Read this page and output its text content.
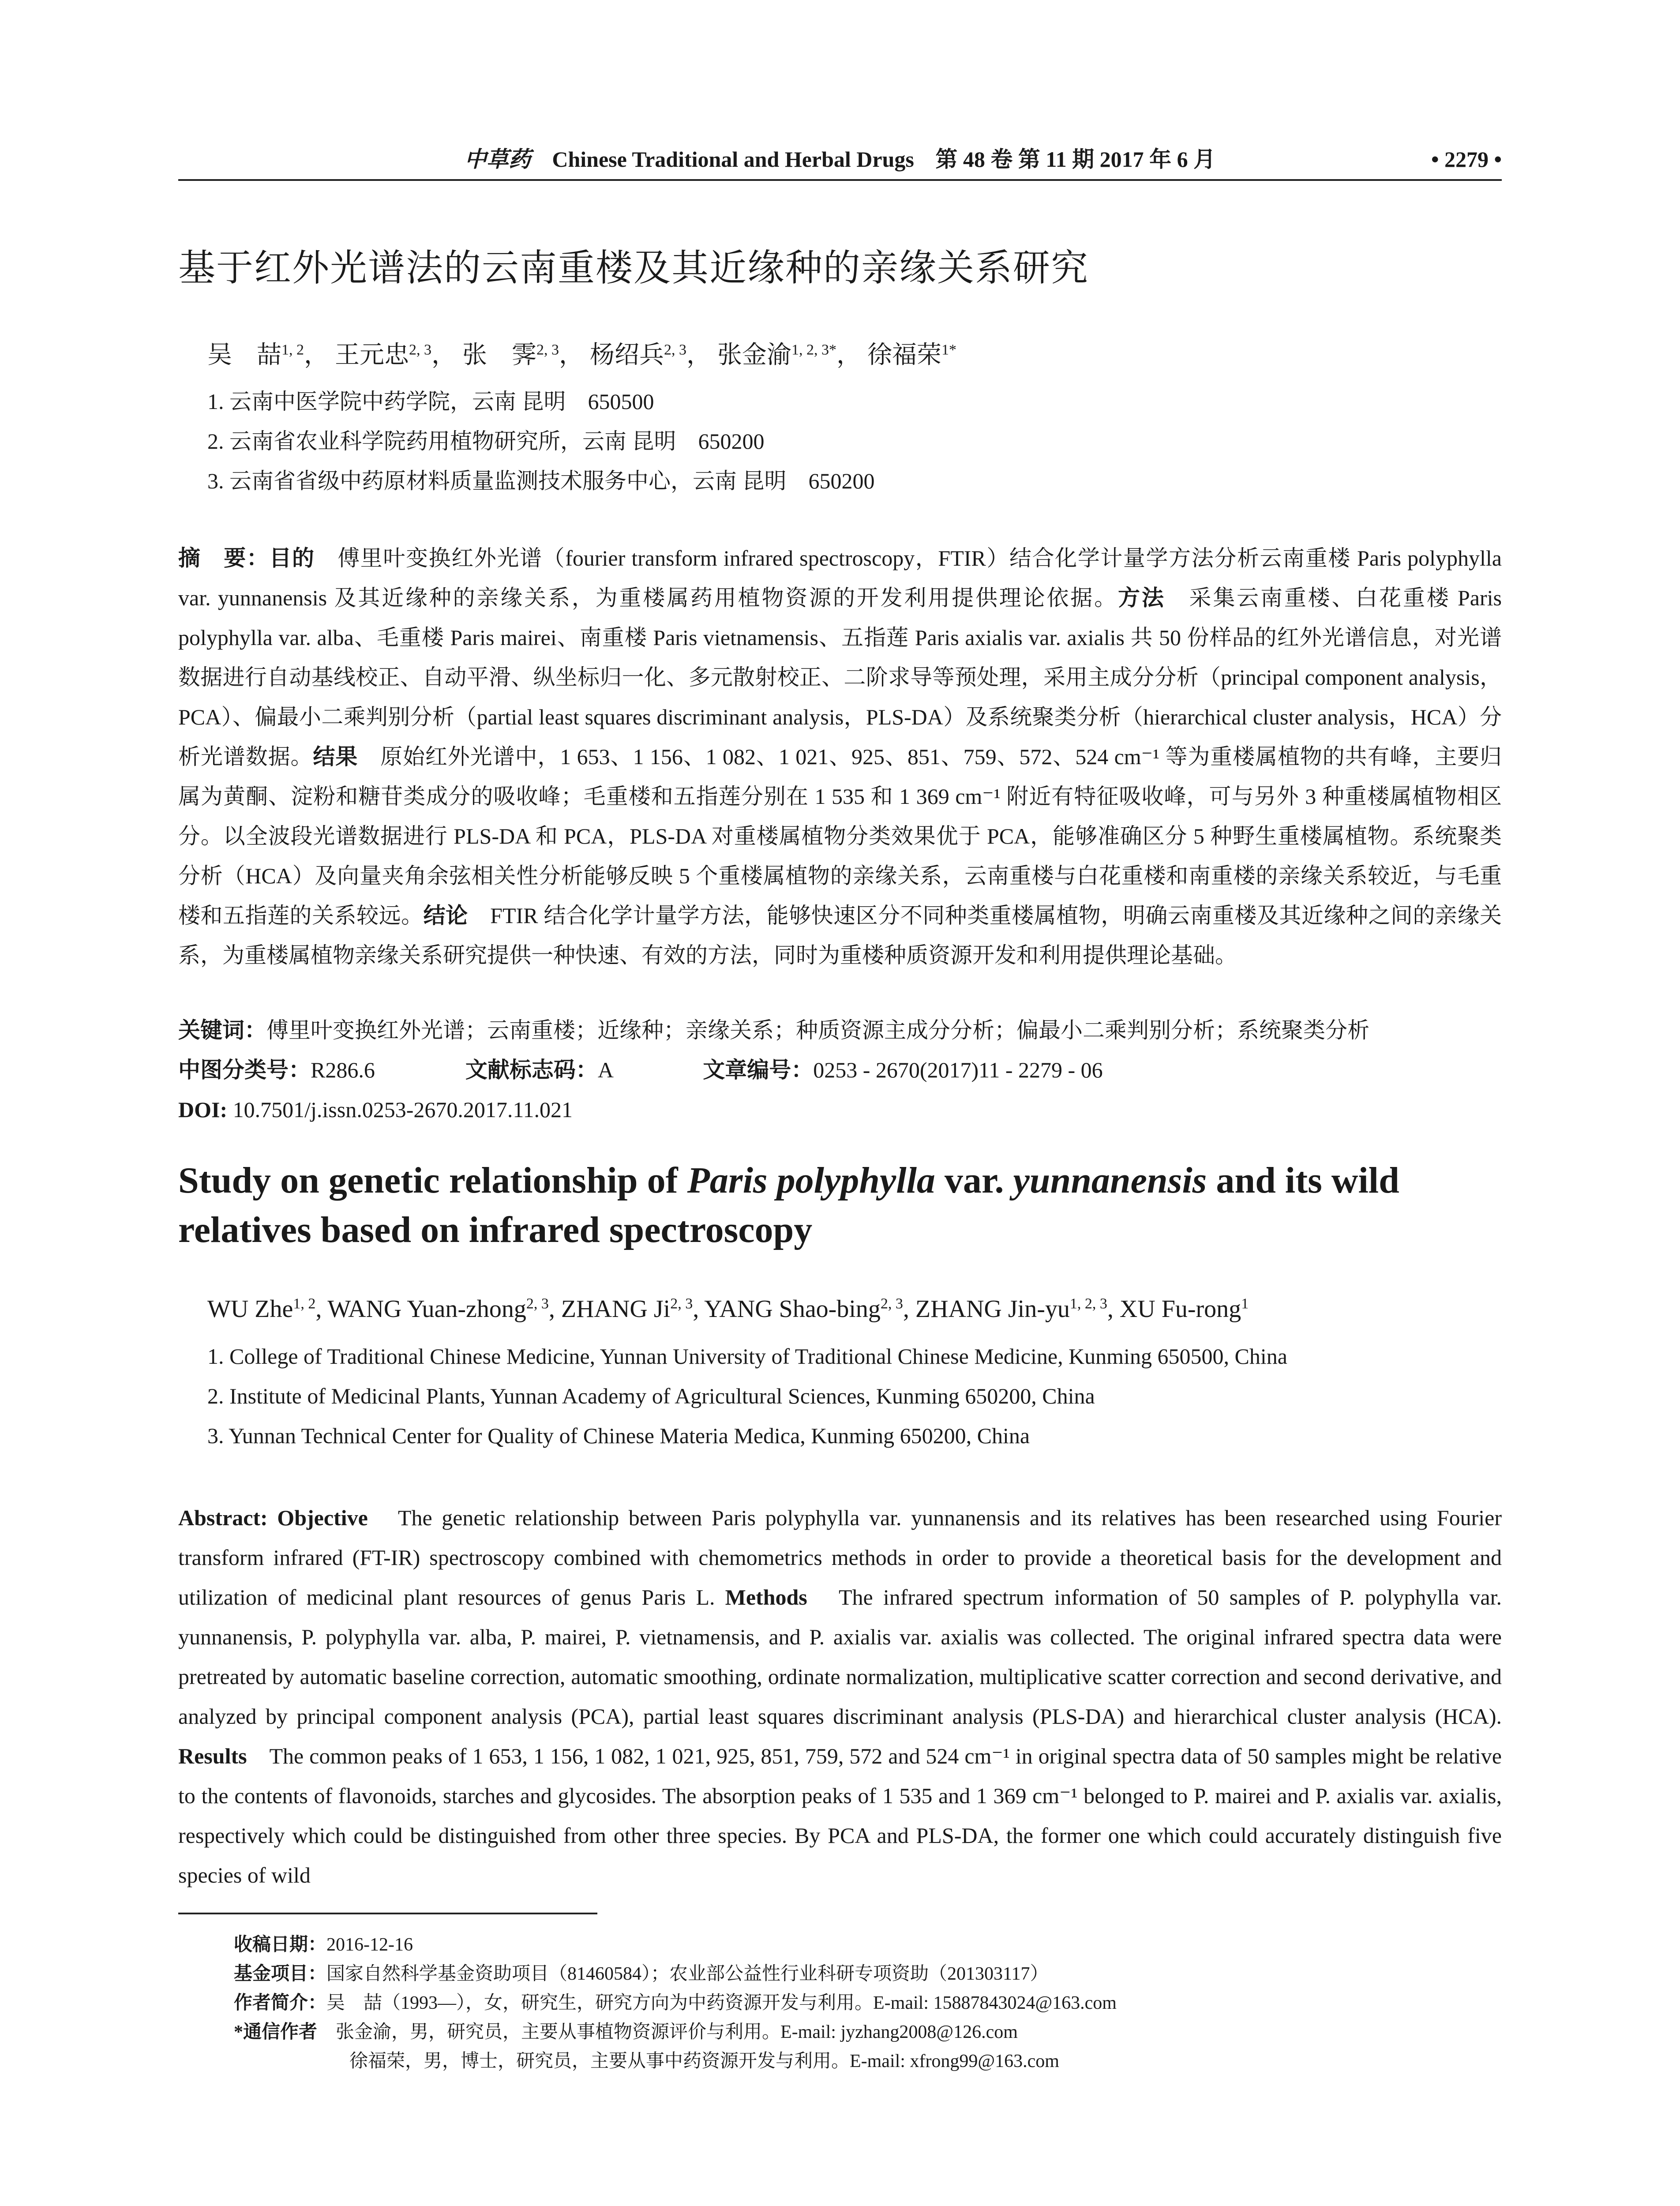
中草药 Chinese Traditional and Herbal Drugs 第 48 卷 第 11 期 2017 年 6 月	• 2279 •
基于红外光谱法的云南重楼及其近缘种的亲缘关系研究
吴　喆$^{1, 2}$， 王元忠$^{2, 3}$， 张　霁$^{2, 3}$， 杨绍兵$^{2, 3}$， 张金渝$^{1, 2, 3*}$， 徐福荣$^{1*}$
1. 云南中医学院中药学院，云南 昆明　650500
2. 云南省农业科学院药用植物研究所，云南 昆明　650200
3. 云南省省级中药原材料质量监测技术服务中心，云南 昆明　650200
摘　要：目的　傅里叶变换红外光谱（fourier transform infrared spectroscopy，FTIR）结合化学计量学方法分析云南重楼 Paris polyphylla var. yunnanensis 及其近缘种的亲缘关系，为重楼属药用植物资源的开发利用提供理论依据。方法　采集云南重楼、白花重楼 Paris polyphylla var. alba、毛重楼 Paris mairei、南重楼 Paris vietnamensis、五指莲 Paris axialis var. axialis 共 50 份样品的红外光谱信息，对光谱数据进行自动基线校正、自动平滑、纵坐标归一化、多元散射校正、二阶求导等预处理，采用主成分分析（principal component analysis，PCA）、偏最小二乘判别分析（partial least squares discriminant analysis，PLS-DA）及系统聚类分析（hierarchical cluster analysis，HCA）分析光谱数据。结果　原始红外光谱中，1 653、1 156、1 082、1 021、925、851、759、572、524 cm⁻¹ 等为重楼属植物的共有峰，主要归属为黄酮、淀粉和糖苷类成分的吸收峰；毛重楼和五指莲分别在 1 535 和 1 369 cm⁻¹ 附近有特征吸收峰，可与另外 3 种重楼属植物相区分。以全波段光谱数据进行 PLS-DA 和 PCA，PLS-DA 对重楼属植物分类效果优于 PCA，能够准确区分 5 种野生重楼属植物。系统聚类分析（HCA）及向量夹角余弦相关性分析能够反映 5 个重楼属植物的亲缘关系，云南重楼与白花重楼和南重楼的亲缘关系较近，与毛重楼和五指莲的关系较远。结论　FTIR 结合化学计量学方法，能够快速区分不同种类重楼属植物，明确云南重楼及其近缘种之间的亲缘关系，为重楼属植物亲缘关系研究提供一种快速、有效的方法，同时为重楼种质资源开发和利用提供理论基础。
关键词：傅里叶变换红外光谱；云南重楼；近缘种；亲缘关系；种质资源主成分分析；偏最小二乘判别分析；系统聚类分析
中图分类号：R286.6	文献标志码：A	文章编号：0253 - 2670(2017)11 - 2279 - 06
DOI: 10.7501/j.issn.0253-2670.2017.11.021
Study on genetic relationship of Paris polyphylla var. yunnanensis and its wild relatives based on infrared spectroscopy
WU Zhe$^{1, 2}$, WANG Yuan-zhong$^{2, 3}$, ZHANG Ji$^{2, 3}$, YANG Shao-bing$^{2, 3}$, ZHANG Jin-yu$^{1, 2, 3}$, XU Fu-rong$^1$
1. College of Traditional Chinese Medicine, Yunnan University of Traditional Chinese Medicine, Kunming 650500, China
2. Institute of Medicinal Plants, Yunnan Academy of Agricultural Sciences, Kunming 650200, China
3. Yunnan Technical Center for Quality of Chinese Materia Medica, Kunming 650200, China
Abstract: Objective　The genetic relationship between Paris polyphylla var. yunnanensis and its relatives has been researched using Fourier transform infrared (FT-IR) spectroscopy combined with chemometrics methods in order to provide a theoretical basis for the development and utilization of medicinal plant resources of genus Paris L. Methods　The infrared spectrum information of 50 samples of P. polyphylla var. yunnanensis, P. polyphylla var. alba, P. mairei, P. vietnamensis, and P. axialis var. axialis was collected. The original infrared spectra data were pretreated by automatic baseline correction, automatic smoothing, ordinate normalization, multiplicative scatter correction and second derivative, and analyzed by principal component analysis (PCA), partial least squares discriminant analysis (PLS-DA) and hierarchical cluster analysis (HCA). Results　The common peaks of 1 653, 1 156, 1 082, 1 021, 925, 851, 759, 572 and 524 cm⁻¹ in original spectra data of 50 samples might be relative to the contents of flavonoids, starches and glycosides. The absorption peaks of 1 535 and 1 369 cm⁻¹ belonged to P. mairei and P. axialis var. axialis, respectively which could be distinguished from other three species. By PCA and PLS-DA, the former one which could accurately distinguish five species of wild
收稿日期：2016-12-16
基金项目：国家自然科学基金资助项目（81460584）；农业部公益性行业科研专项资助（201303117）
作者简介：吴　喆（1993—），女，研究生，研究方向为中药资源开发与利用。E-mail: 15887843024@163.com
*通信作者　张金渝，男，研究员，主要从事植物资源评价与利用。E-mail: jyzhang2008@126.com
徐福荣，男，博士，研究员，主要从事中药资源开发与利用。E-mail: xfrong99@163.com
